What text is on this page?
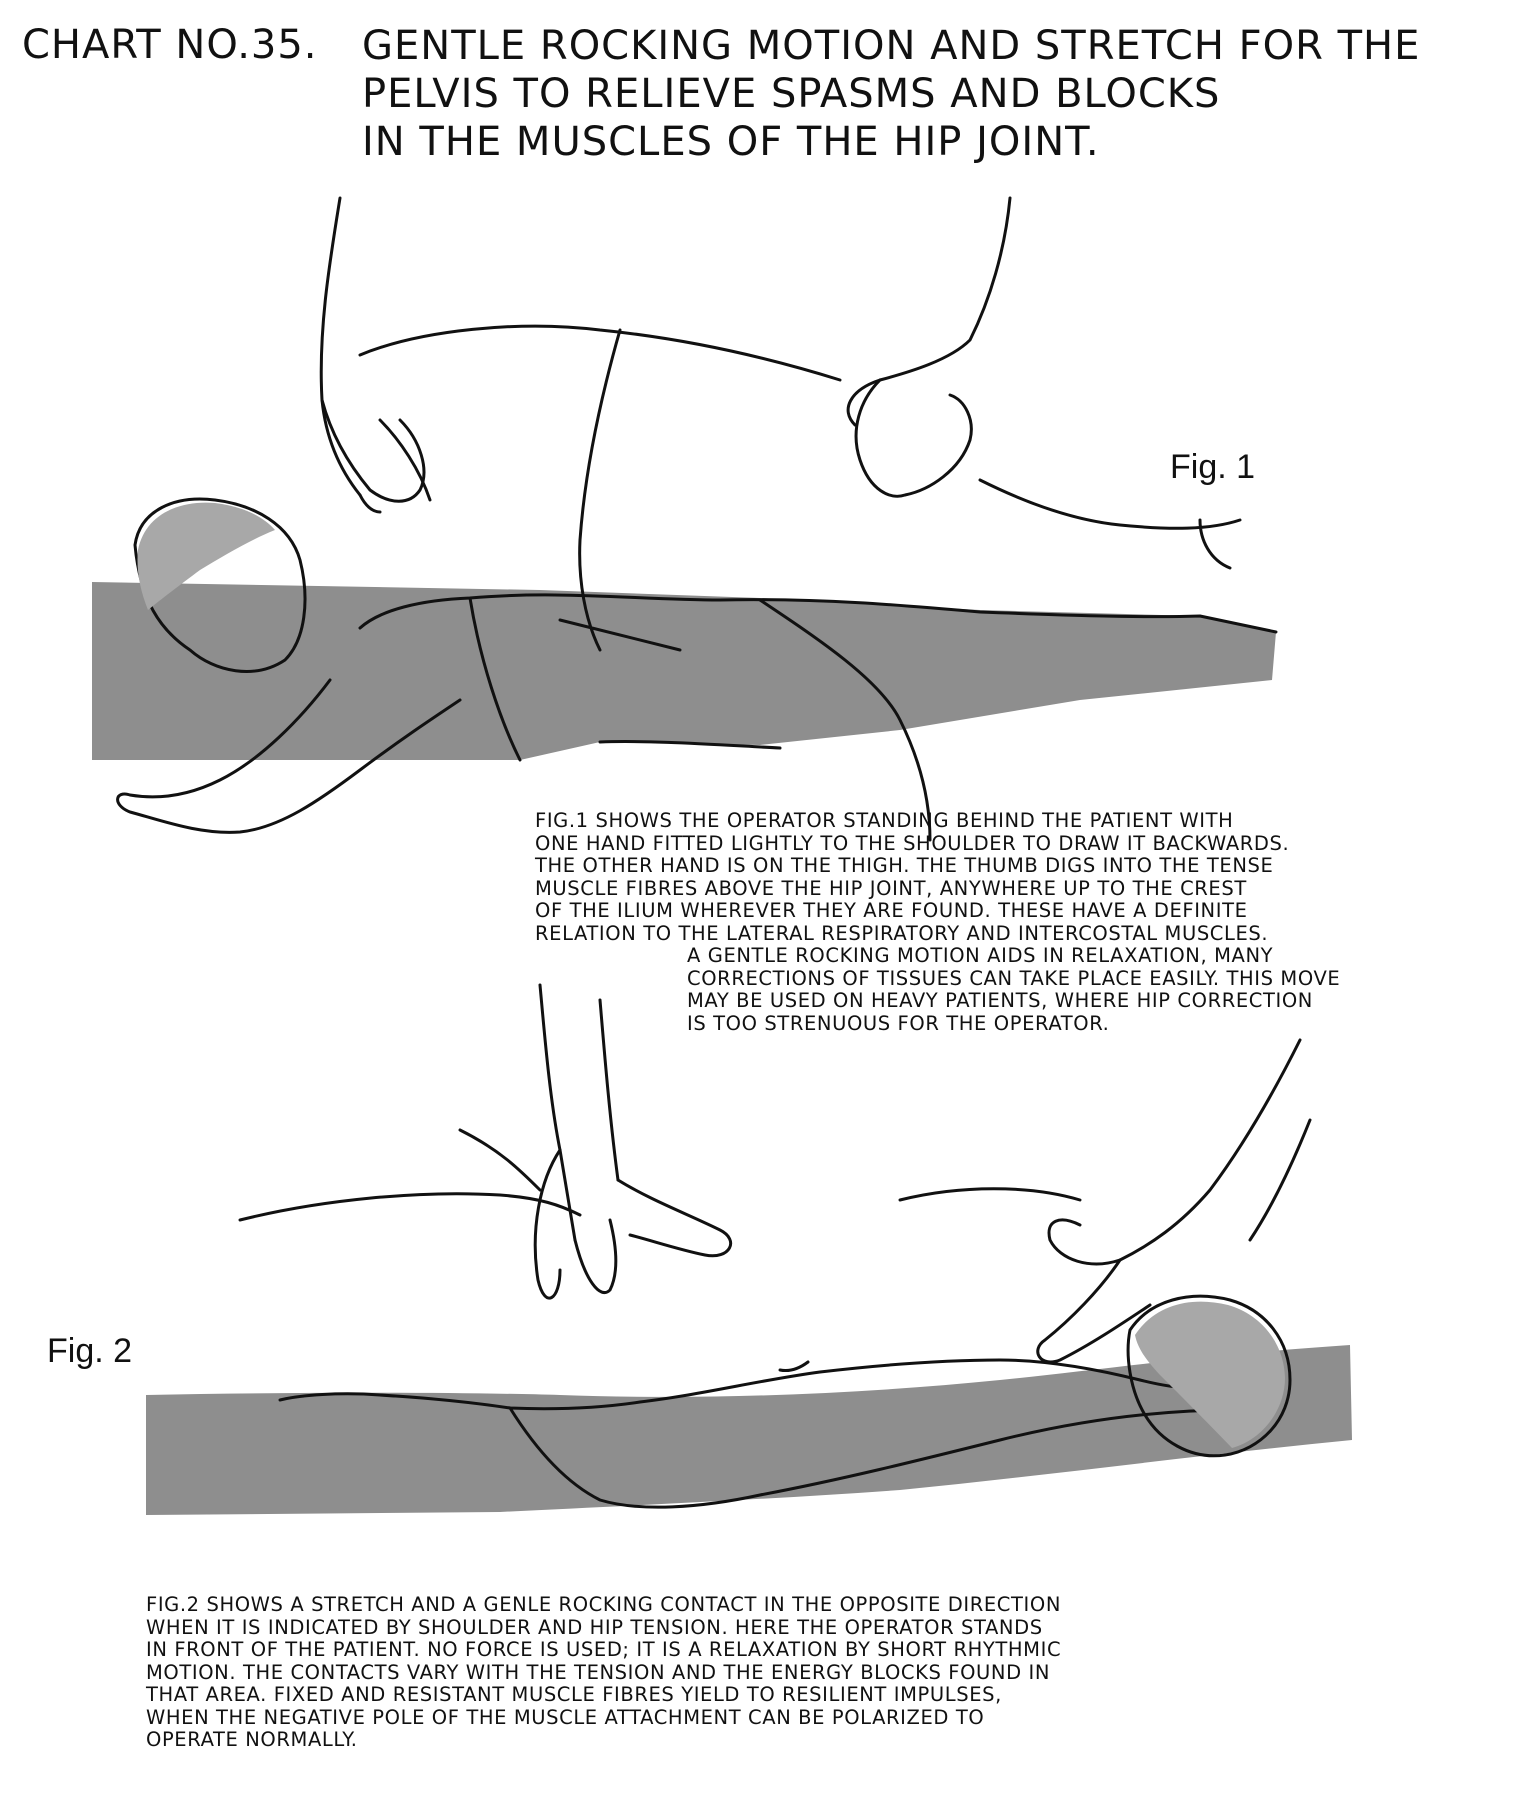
CHART NO.35. GENTLE ROCKING MOTION AND STRETCH FOR THE
PELVIS TO RELIEVE SPASMS AND BLOCKS
IN THE MUSCLES OF THE HIP JOINT.
Fig. 1
Fig. 2
FIG.1 SHOWS THE OPERATOR STANDING BEHIND THE PATIENT WITH
ONE HAND FITTED LIGHTLY TO THE SHOULDER TO DRAW IT BACKWARDS.
THE OTHER HAND IS ON THE THIGH. THE THUMB DIGS INTO THE TENSE
MUSCLE FIBRES ABOVE THE HIP JOINT, ANYWHERE UP TO THE CREST
OF THE ILIUM WHEREVER THEY ARE FOUND. THESE HAVE A DEFINITE
RELATION TO THE LATERAL RESPIRATORY AND INTERCOSTAL MUSCLES.
A GENTLE ROCKING MOTION AIDS IN RELAXATION, MANY
CORRECTIONS OF TISSUES CAN TAKE PLACE EASILY. THIS MOVE
MAY BE USED ON HEAVY PATIENTS, WHERE HIP CORRECTION
IS TOO STRENUOUS FOR THE OPERATOR.
FIG.2 SHOWS A STRETCH AND A GENLE ROCKING CONTACT IN THE OPPOSITE DIRECTION
WHEN IT IS INDICATED BY SHOULDER AND HIP TENSION. HERE THE OPERATOR STANDS
IN FRONT OF THE PATIENT. NO FORCE IS USED; IT IS A RELAXATION BY SHORT RHYTHMIC
MOTION. THE CONTACTS VARY WITH THE TENSION AND THE ENERGY BLOCKS FOUND IN
THAT AREA. FIXED AND RESISTANT MUSCLE FIBRES YIELD TO RESILIENT IMPULSES,
WHEN THE NEGATIVE POLE OF THE MUSCLE ATTACHMENT CAN BE POLARIZED TO
OPERATE NORMALLY.
